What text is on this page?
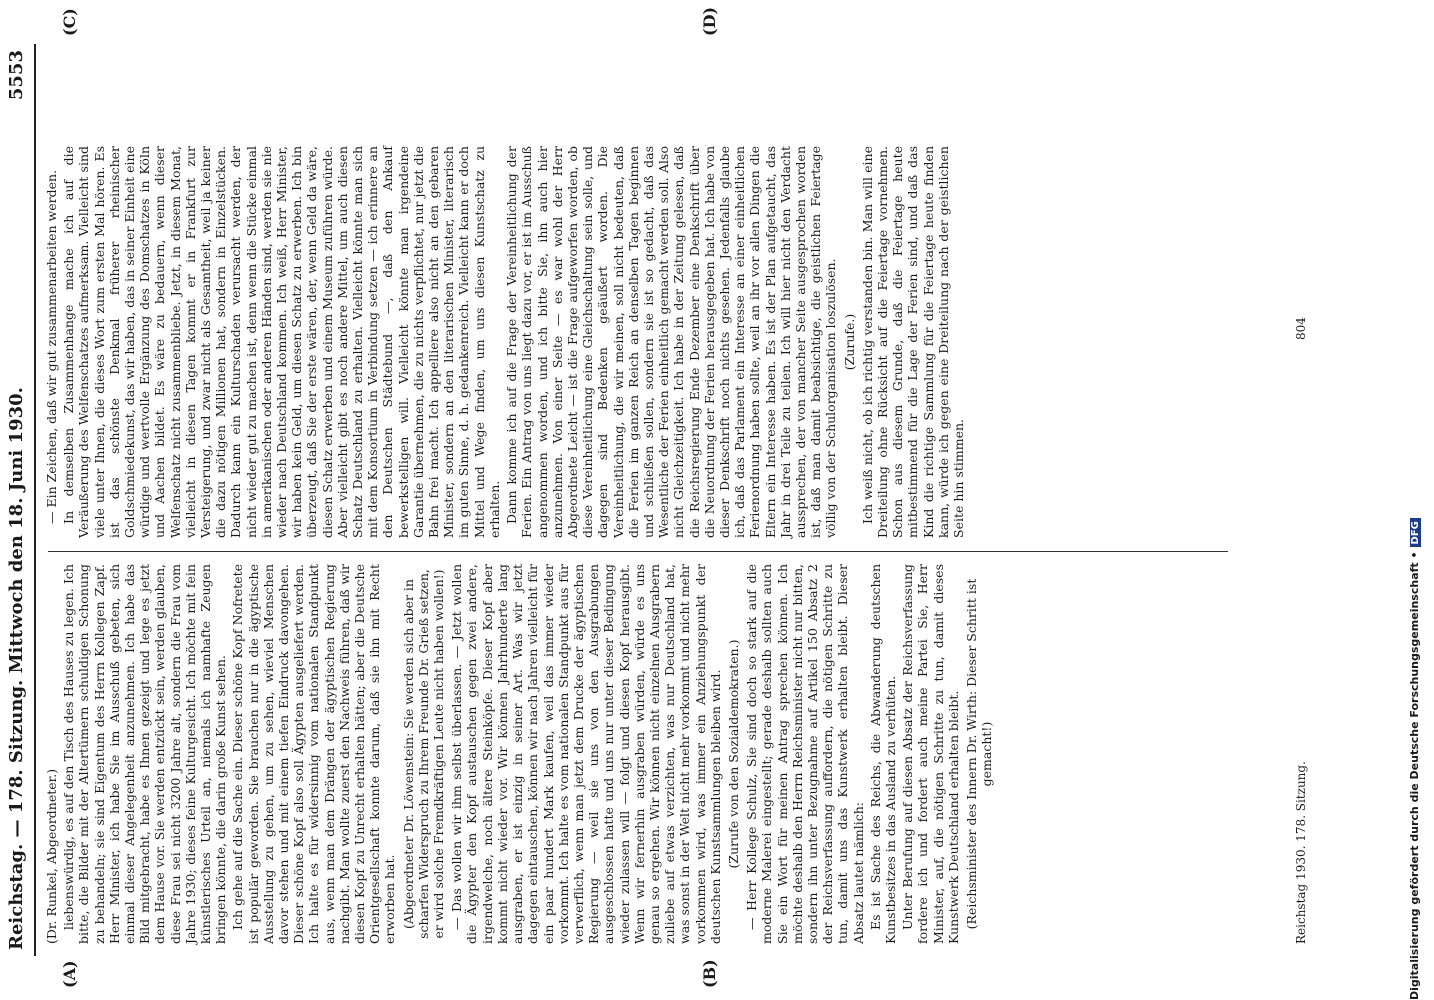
Reichstag. — 178. Sitzung. Mittwoch den 18. Juni 1930.
5553
(A)	(B)
(C)	(D)

(Dr. Runkel, Abgeordneter.) liebenswürdig, es auf den Tisch des Hauses zu legen. Ich bitte, die Bilder mit der Altertümern schuldigen Schonung zu behandeln; sie sind Eigentum des Herrn Kollegen Zapf. Herr Minister, ich habe Sie im Ausschuß gebeten, sich einmal dieser Angelegenheit anzunehmen. Ich habe das Bild mitgebracht, habe es Ihnen gezeigt und lege es jetzt dem Hause vor. Sie werden entzückt sein, werden glauben, diese Frau sei nicht 3200 Jahre alt, sondern die Frau vom Jahre 1930; dieses feine Kulturgesicht. Ich möchte mit fein künstlerisches Urteil an, niemals ich namhafte Zeugen bringen könnte, die darin große Kunst sehen. Ich gehe auf die Sache ein. Dieser schöne Kopf Nofretete ist populär geworden. Sie brauchen nur in die ägyptische Ausstellung zu gehen, um zu sehen, wieviel Menschen davor stehen und mit einem tiefen Eindruck davongehen. Dieser schöne Kopf also soll Ägypten ausgeliefert werden. Ich halte es für widersinnig vom nationalen Standpunkt aus, wenn man dem Drängen der ägyptischen Regierung nachgibt. Man wollte zuerst den Nachweis führen, daß wir diesen Kopf zu Unrecht erhalten hätten; aber die Deutsche Orientgesellschaft konnte darum, daß sie ihn mit Recht erworben hat. (Abgeordneter Dr. Löwenstein: Sie werden sich aber in scharfen Widerspruch zu Ihrem Freunde Dr. Grieß setzen, er wird solche Fremdkräftigen Leute nicht haben wollen!) — Das wollen wir ihm selbst überlassen. — Jetzt wollen die Ägypter den Kopf austauschen gegen zwei andere, irgendwelche, noch ältere Steinköpfe. Dieser Kopf aber kommt nicht wieder vor. Wir können Jahrhunderte lang ausgraben, er ist einzig in seiner Art. Was wir jetzt dagegen eintauschen, können wir nach Jahren vielleicht für ein paar hundert Mark kaufen, weil das immer wieder vorkommt. Ich halte es vom nationalen Standpunkt aus für verwerflich, wenn man jetzt dem Drucke der ägyptischen Regierung — weil sie uns von den Ausgrabungen ausgeschlossen hatte und uns nur unter dieser Bedingung wieder zulassen will — folgt und diesen Kopf herausgibt. Wenn wir fernerhin ausgraben würden, würde es uns genau so ergehen. Wir können nicht einzelnen Ausgrabern zuliebe auf etwas verzichten, was nur Deutschland hat, was sonst in der Welt nicht mehr vorkommt und nicht mehr vorkommen wird, was immer ein Anziehungspunkt der deutschen Kunstsammlungen bleiben wird. (Zurufe von den Sozialdemokraten.) — Herr Kollege Schulz, Sie sind doch so stark auf die moderne Malerei eingestellt; gerade deshalb sollten auch Sie ein Wort für meinen Antrag sprechen können. Ich möchte deshalb den Herrn Reichsminister nicht nur bitten, sondern ihn unter Bezugnahme auf Artikel 150 Absatz 2 der Reichsverfassung auffordern, die nötigen Schritte zu tun, damit uns das Kunstwerk erhalten bleibt. Dieser Absatz lautet nämlich: Es ist Sache des Reichs, die Abwanderung deutschen Kunstbesitzes in das Ausland zu verhüten. Unter Berufung auf diesen Absatz der Reichsverfassung fordere ich und fordert auch meine Partei Sie, Herr Minister, auf, die nötigen Schritte zu tun, damit dieses Kunstwerk Deutschland erhalten bleibt. (Reichsminister des Innern Dr. Wirth: Dieser Schritt ist gemacht!)

— Ein Zeichen, daß wir gut zusammenarbeiten werden. In demselben Zusammenhange mache ich auf die Veräußerung des Welfenschatzes aufmerksam. Vielleicht sind viele unter Ihnen, die dieses Wort zum ersten Mal hören. Es ist das schönste Denkmal früherer rheinischer Goldschmiedekunst, das wir haben, das in seiner Einheit eine würdige und wertvolle Ergänzung des Domschatzes in Köln und Aachen bildet. Es wäre zu bedauern, wenn dieser Welfenschatz nicht zusammenbliebe. Jetzt, in diesem Monat, vielleicht in diesen Tagen kommt er in Frankfurt zur Versteigerung, und zwar nicht als Gesamtheit, weil ja keiner die dazu nötigen Millionen hat, sondern in Einzelstücken. Dadurch kann ein Kulturschaden verursacht werden, der nicht wieder gut zu machen ist, denn wenn die Stücke einmal in amerikanischen oder anderen Händen sind, werden sie nie wieder nach Deutschland kommen. Ich weiß, Herr Minister, wir haben kein Geld, um diesen Schatz zu erwerben. Ich bin überzeugt, daß Sie der erste wären, der, wenn Geld da wäre, diesen Schatz erwerben und einem Museum zuführen würde. Aber vielleicht gibt es noch andere Mittel, um auch diesen Schatz Deutschland zu erhalten. Vielleicht könnte man sich mit dem Konsortium in Verbindung setzen — ich erinnere an den Deutschen Städtebund —, daß den Ankauf bewerkstelligen will. Vielleicht könnte man irgendeine Garantie übernehmen, die zu nichts verpflichtet, nur jetzt die Bahn frei macht. Ich appelliere also nicht an den gebaren Minister, sondern an den literarischen Minister, literarisch im guten Sinne, d. h. gedankenreich. Vielleicht kann er doch Mittel und Wege finden, um uns diesen Kunstschatz zu erhalten. Dann komme ich auf die Frage der Vereinheitlichung der Ferien. Ein Antrag von uns liegt dazu vor, er ist im Ausschuß angenommen worden, und ich bitte Sie, ihn auch hier anzunehmen. Von einer Seite — es war wohl der Herr Abgeordnete Leicht — ist die Frage aufgeworfen worden, ob diese Vereinheitlichung eine Gleichschaltung sein solle, und dagegen sind Bedenken geäußert worden. Die Vereinheitlichung, die wir meinen, soll nicht bedeuten, daß die Ferien im ganzen Reich an denselben Tagen beginnen und schließen sollen, sondern sie ist so gedacht, daß das Wesentliche der Ferien einheitlich gemacht werden soll. Also nicht Gleichzeitigkeit. Ich habe in der Zeitung gelesen, daß die Reichsregierung Ende Dezember eine Denkschrift über die Neuordnung der Ferien herausgegeben hat. Ich habe von dieser Denkschrift noch nichts gesehen. Jedenfalls glaube ich, daß das Parlament ein Interesse an einer einheitlichen Ferienordnung haben sollte, weil an ihr vor allen Dingen die Eltern ein Interesse haben. Es ist der Plan aufgetaucht, das Jahr in drei Teile zu teilen. Ich will hier nicht den Verdacht aussprechen, der von mancher Seite ausgesprochen worden ist, daß man damit beabsichtige, die geistlichen Feiertage völlig von der Schulorganisation loszulösen. (Zurufe.) Ich weiß nicht, ob ich richtig verstanden bin. Man will eine Dreiteilung ohne Rücksicht auf die Feiertage vornehmen. Schon aus diesem Grunde, daß die Feiertage heute mitbestimmend für die Lage der Ferien sind, und daß das Kind die richtige Sammlung für die Feiertage heute finden kann, würde ich gegen eine Dreiteilung nach der geistlichen Seite hin stimmen.

Reichstag 1930. 178. Sitzung.
804
Digitalisierung gefördert durch die Deutsche Forschungsgemeinschaft •DFG
